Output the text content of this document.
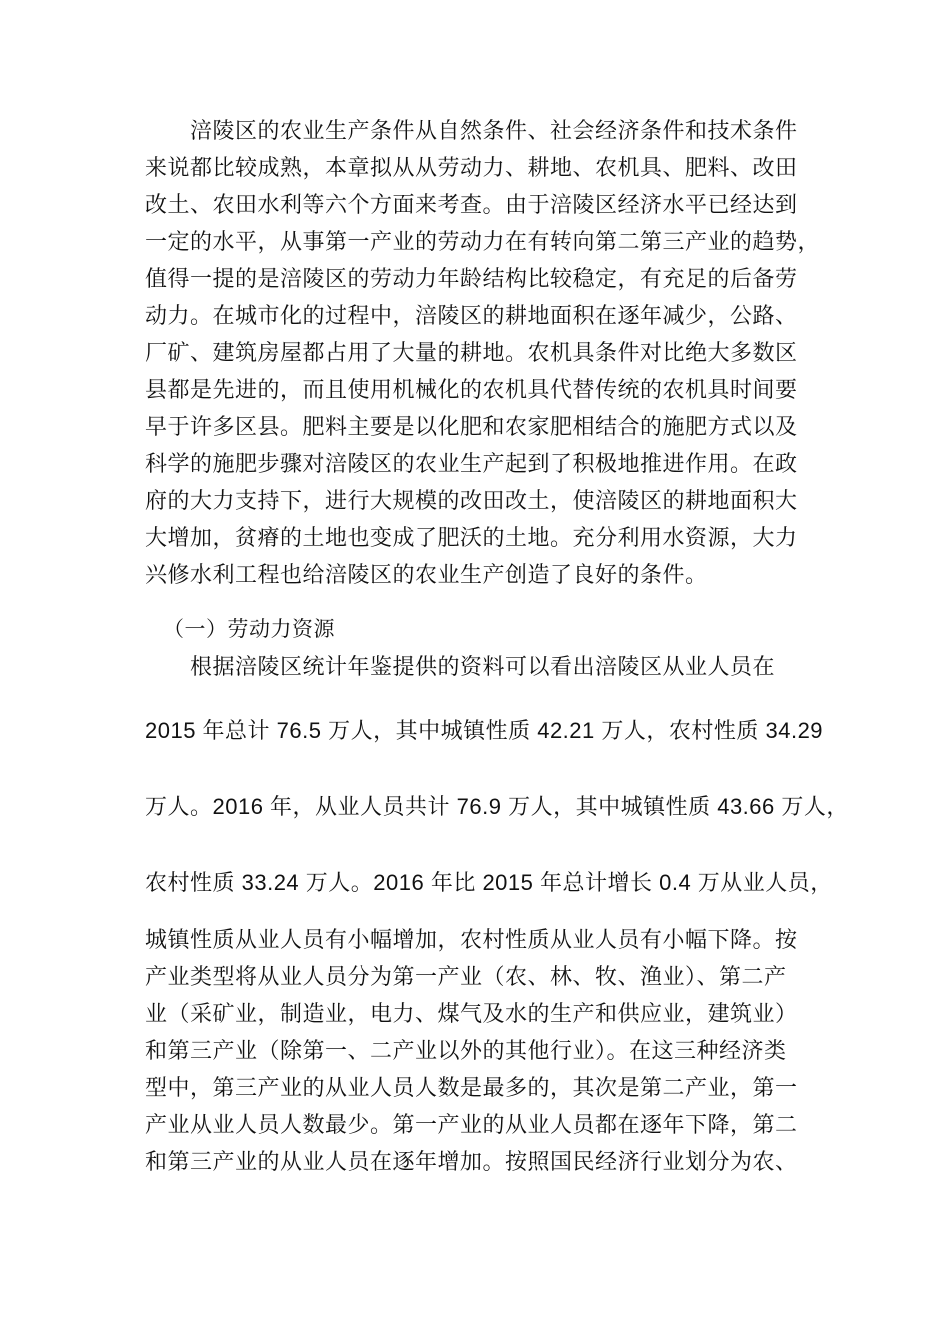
涪陵区的农业生产条件从自然条件、社会经济条件和技术条件
来说都比较成熟，本章拟从从劳动力、耕地、农机具、肥料、改田
改土、农田水利等六个方面来考查。由于涪陵区经济水平已经达到
一定的水平，从事第一产业的劳动力在有转向第二第三产业的趋势，
值得一提的是涪陵区的劳动力年龄结构比较稳定，有充足的后备劳
动力。在城市化的过程中，涪陵区的耕地面积在逐年减少，公路、
厂矿、建筑房屋都占用了大量的耕地。农机具条件对比绝大多数区
县都是先进的，而且使用机械化的农机具代替传统的农机具时间要
早于许多区县。肥料主要是以化肥和农家肥相结合的施肥方式以及
科学的施肥步骤对涪陵区的农业生产起到了积极地推进作用。在政
府的大力支持下，进行大规模的改田改土，使涪陵区的耕地面积大
大增加，贫瘠的土地也变成了肥沃的土地。充分利用水资源，大力
兴修水利工程也给涪陵区的农业生产创造了良好的条件。
（一）劳动力资源
根据涪陵区统计年鉴提供的资料可以看出涪陵区从业人员在
2015 年总计 76.5 万人，其中城镇性质 42.21 万人，农村性质 34.29
万人。2016 年，从业人员共计 76.9 万人，其中城镇性质 43.66 万人，
农村性质 33.24 万人。2016 年比 2015 年总计增长 0.4 万从业人员，
城镇性质从业人员有小幅增加，农村性质从业人员有小幅下降。按
产业类型将从业人员分为第一产业（农、林、牧、渔业）、第二产
业（采矿业，制造业，电力、煤气及水的生产和供应业，建筑业）
和第三产业（除第一、二产业以外的其他行业）。在这三种经济类
型中，第三产业的从业人员人数是最多的，其次是第二产业，第一
产业从业人员人数最少。第一产业的从业人员都在逐年下降，第二
和第三产业的从业人员在逐年增加。按照国民经济行业划分为农、
